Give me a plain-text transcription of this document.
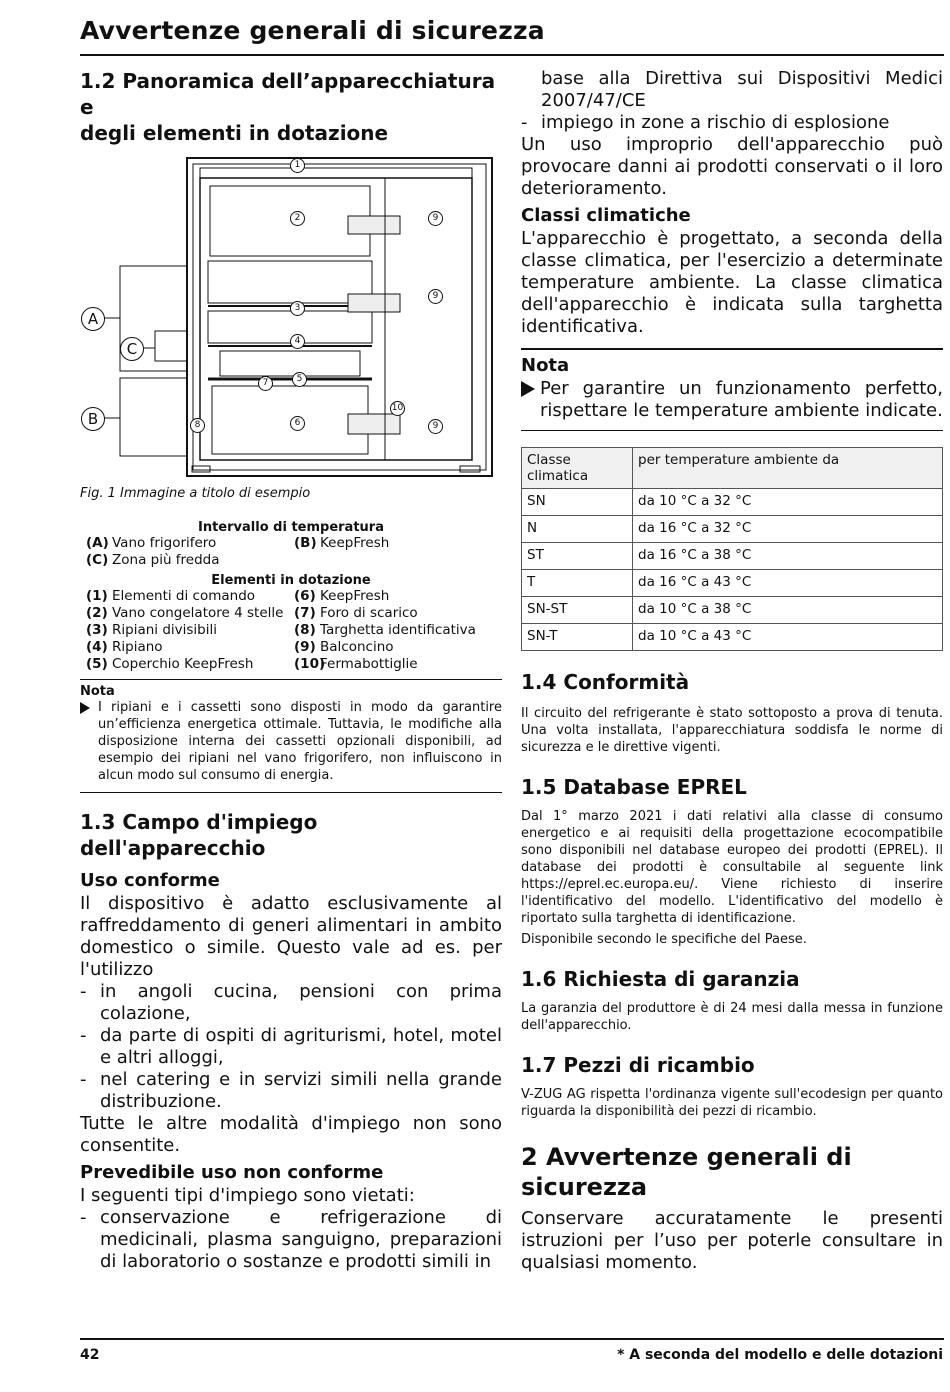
Avvertenze generali di sicurezza
1.2 Panoramica dell’apparecchiatura e
degli elementi in dotazione
A
B
C
1
2
3
4
5
6
7
8
9
9
10
9

Fig. 1 Immagine a titolo di esempio

Intervallo di temperatura

(A) Vano frigorifero	(B) KeepFresh
(C) Zona più fredda

Elementi in dotazione

(1) Elementi di comando	(6) KeepFresh
(2) Vano congelatore 4 stelle (7) Foro di scarico
(3) Ripiani divisibili	(8) Targhetta identificativa
(4) Ripiano	(9) Balconcino
(5) Coperchio KeepFresh	(10)
Fermabottiglie

Nota

I ripiani e i cassetti sono disposti in modo da garantire un’efficienza energetica ottimale. Tuttavia, le modifiche alla disposizione interna dei cassetti opzionali disponibili, ad esempio dei ripiani nel vano frigorifero, non influiscono in alcun modo sul consumo di energia.

1.3 Campo d'impiego dell'apparecchio
Uso conforme

Il dispositivo è adatto esclusivamente al raffreddamento di generi alimentari in ambito domestico o simile. Questo vale ad es. per l'utilizzo

- in angoli cucina, pensioni con prima colazione,
- da parte di ospiti di agriturismi, hotel, motel e altri alloggi,
- nel catering e in servizi simili nella grande distribuzione.

Tutte le altre modalità d'impiego non sono consentite.

Prevedibile uso non conforme

I seguenti tipi d'impiego sono vietati:

- conservazione e refrigerazione di medicinali, plasma sanguigno, preparazioni di laboratorio o sostanze e prodotti simili in

base alla Direttiva sui Dispositivi Medici 2007/47/CE

- impiego in zone a rischio di esplosione

Un uso improprio dell'apparecchio può provocare danni ai prodotti conservati o il loro deterioramento.

Classi climatiche

L'apparecchio è progettato, a seconda della classe climatica, per l'esercizio a determinate temperature ambiente. La classe climatica dell'apparecchio è indicata sulla targhetta identificativa.

Nota

Per garantire un funzionamento perfetto, rispettare le temperature ambiente indicate.

Classe climatica	per temperature ambiente da
SN	da 10 °C a 32 °C
N	da 16 °C a 32 °C
ST	da 16 °C a 38 °C
T	da 16 °C a 43 °C
SN-ST	da 10 °C a 38 °C
SN-T	da 10 °C a 43 °C
1.4 Conformità

Il circuito del refrigerante è stato sottoposto a prova di tenuta. Una volta installata, l'apparecchiatura soddisfa le norme di sicurezza e le direttive vigenti.

1.5 Database EPREL

Dal 1° marzo 2021 i dati relativi alla classe di consumo energetico e ai requisiti della progettazione ecocompatibile sono disponibili nel database europeo dei prodotti (EPREL). Il database dei prodotti è consultabile al seguente link https://eprel.ec.europa.eu/. Viene richiesto di inserire l'identificativo del modello. L'identificativo del modello è riportato sulla targhetta di identificazione.

Disponibile secondo le specifiche del Paese.

1.6 Richiesta di garanzia

La garanzia del produttore è di 24 mesi dalla messa in funzione dell'apparecchio.

1.7 Pezzi di ricambio

V-ZUG AG rispetta l'ordinanza vigente sull'ecodesign per quanto riguarda la disponibilità dei pezzi di ricambio.

2 Avvertenze generali di sicurezza

Conservare accuratamente le presenti istruzioni per l’uso per poterle consultare in qualsiasi momento.

42	* A seconda del modello e delle dotazioni
